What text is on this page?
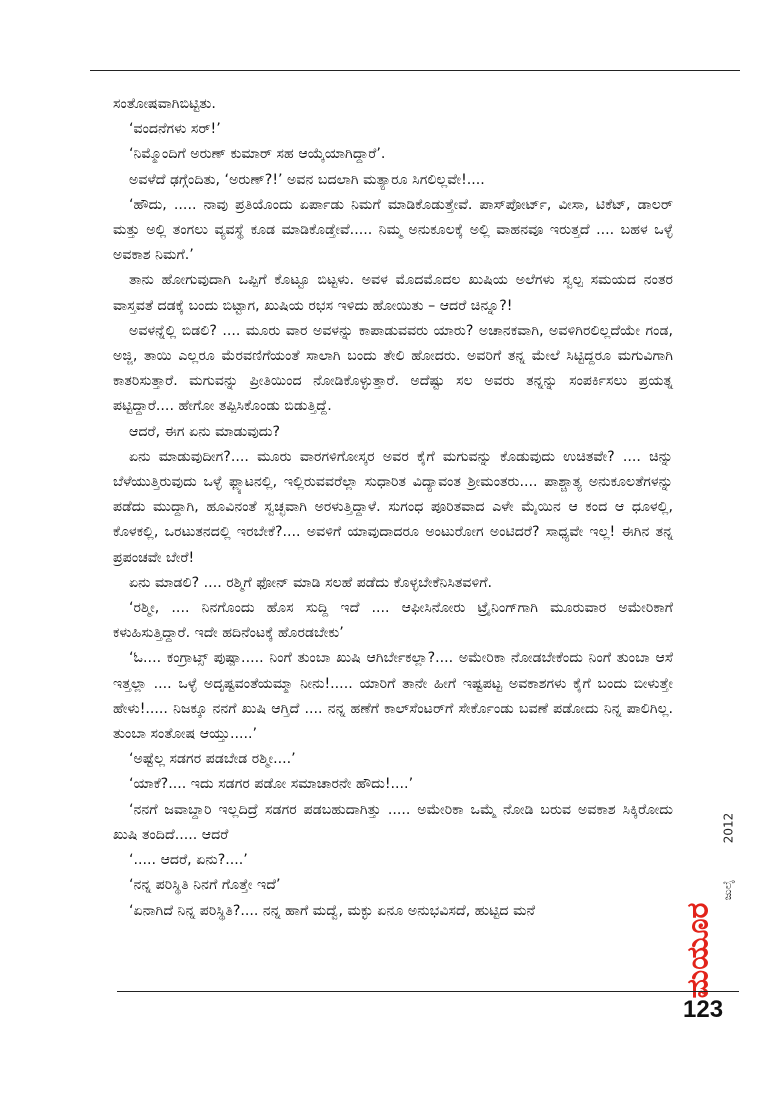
ಸಂತೋಷವಾಗಿಬಿಟ್ಟಿತು.

‘ವಂದನೆಗಳು ಸರ್!’

‘ನಿಮ್ಮೊಂದಿಗೆ ಅರುಣ್ ಕುಮಾರ್ ಸಹ ಆಯ್ಕೆಯಾಗಿದ್ದಾರೆ’.

ಅವಳೆದೆ ಢಗ್ಗೆಂದಿತು, ‘ಅರುಣ್?!’ ಅವನ ಬದಲಾಗಿ ಮತ್ಯಾರೂ ಸಿಗಲಿಲ್ಲವೇ!....

‘ಹೌದು, ..... ನಾವು ಪ್ರತಿಯೊಂದು ಏರ್ಪಾಡು ನಿಮಗೆ ಮಾಡಿಕೊಡುತ್ತೇವೆ. ಪಾಸ್‌ಪೋರ್ಟ್, ವೀಸಾ, ಟಿಕೆಟ್, ಡಾಲರ್ ಮತ್ತು ಅಲ್ಲಿ ತಂಗಲು ವ್ಯವಸ್ಥೆ ಕೂಡ ಮಾಡಿಕೊಡ್ತೇವೆ..... ನಿಮ್ಮ ಅನುಕೂಲಕ್ಕೆ ಅಲ್ಲಿ ವಾಹನವೂ ಇರುತ್ತದೆ .... ಬಹಳ ಒಳ್ಳೆ ಅವಕಾಶ ನಿಮಗೆ.’

ತಾನು ಹೋಗುವುದಾಗಿ ಒಪ್ಪಿಗೆ ಕೊಟ್ಟೂ ಬಿಟ್ಟಳು. ಅವಳ ಮೊದಮೊದಲ ಖುಷಿಯ ಅಲೆಗಳು ಸ್ವಲ್ಪ ಸಮಯದ ನಂತರ ವಾಸ್ತವತೆ ದಡಕ್ಕೆ ಬಂದು ಬಿಟ್ಟಾಗ, ಖುಷಿಯ ರಭಸ ಇಳಿದು ಹೋಯಿತು – ಆದರೆ ಚಿನ್ನೂ?!

ಅವಳನ್ನೆಲ್ಲಿ ಬಿಡಲಿ? .... ಮೂರು ವಾರ ಅವಳನ್ನು ಕಾಪಾಡುವವರು ಯಾರು? ಅಚಾನಕವಾಗಿ, ಅವಳಿಗಿರಲಿಲ್ಲದೆಯೇ ಗಂಡ, ಅಜ್ಜಿ, ತಾಯಿ ಎಲ್ಲರೂ ಮೆರವಣಿಗೆಯಂತೆ ಸಾಲಾಗಿ ಬಂದು ತೇಲಿ ಹೋದರು. ಅವರಿಗೆ ತನ್ನ ಮೇಲೆ ಸಿಟ್ಟಿದ್ದರೂ ಮಗುವಿಗಾಗಿ ಕಾತರಿಸುತ್ತಾರೆ. ಮಗುವನ್ನು ಪ್ರೀತಿಯಿಂದ ನೋಡಿಕೊಳ್ಳುತ್ತಾರೆ. ಅದೆಷ್ಟು ಸಲ ಅವರು ತನ್ನನ್ನು ಸಂಪರ್ಕಿಸಲು ಪ್ರಯತ್ನ ಪಟ್ಟಿದ್ದಾರೆ.... ಹೇಗೋ ತಪ್ಪಿಸಿಕೊಂಡು ಬಿಡುತ್ತಿದ್ದೆ.

ಆದರೆ, ಈಗ ಏನು ಮಾಡುವುದು?

ಏನು ಮಾಡುವುದೀಗ?.... ಮೂರು ವಾರಗಳಿಗೋಸ್ಕರ ಅವರ ಕೈಗೆ ಮಗುವನ್ನು ಕೊಡುವುದು ಉಚಿತವೇ? .... ಚಿನ್ನು ಬೆಳೆಯುತ್ತಿರುವುದು ಒಳ್ಳೆ ಫ್ಲ್ಯಾಟನಲ್ಲಿ, ಇಲ್ಲಿರುವವರೆಲ್ಲಾ ಸುಧಾರಿತ ವಿದ್ಯಾವಂತ ಶ್ರೀಮಂತರು.... ಪಾಶ್ಚಾತ್ಯ ಅನುಕೂಲತೆಗಳನ್ನು ಪಡೆದು ಮುದ್ದಾಗಿ, ಹೂವಿನಂತೆ ಸ್ವಚ್ಛವಾಗಿ ಅರಳುತ್ತಿದ್ದಾಳೆ. ಸುಗಂಧ ಪೂರಿತವಾದ ಎಳೇ ಮೈಯಿನ ಆ ಕಂದ ಆ ಧೂಳಲ್ಲಿ, ಕೊಳಕಲ್ಲಿ, ಒರಟುತನದಲ್ಲಿ ಇರಬೇಕೆ?.... ಅವಳಿಗೆ ಯಾವುದಾದರೂ ಅಂಟುರೋಗ ಅಂಟಿದರೆ? ಸಾಧ್ಯವೇ ಇಲ್ಲ! ಈಗಿನ ತನ್ನ ಪ್ರಪಂಚವೇ ಬೇರೆ!

ಏನು ಮಾಡಲಿ? .... ರಶ್ಮಿಗೆ ಫೋನ್ ಮಾಡಿ ಸಲಹೆ ಪಡೆದು ಕೊಳ್ಳಬೇಕೆನಿಸಿತವಳಿಗೆ.

‘ರಶ್ಮೀ, .... ನಿನಗೊಂದು ಹೊಸ ಸುದ್ದಿ ಇದೆ .... ಆಫೀಸಿನೋರು ಟ್ರೈನಿಂಗ್‌ಗಾಗಿ ಮೂರುವಾರ ಅಮೇರಿಕಾಗೆ ಕಳುಹಿಸುತ್ತಿದ್ದಾರೆ. ಇದೇ ಹದಿನೆಂಟಕ್ಕೆ ಹೊರಡಬೇಕು’

‘ಓ.... ಕಂಗ್ರಾಟ್ಸ್ ಪುಷ್ಪಾ..... ನಿಂಗೆ ತುಂಬಾ ಖುಷಿ ಆಗಿರ್ಬೇಕಲ್ಲಾ?.... ಅಮೇರಿಕಾ ನೋಡಬೇಕೆಂದು ನಿಂಗೆ ತುಂಬಾ ಆಸೆ ಇತ್ತಲ್ಲಾ .... ಒಳ್ಳೆ ಅದೃಷ್ಟವಂತೆಯಮ್ಮಾ ನೀನು!..... ಯಾರಿಗೆ ತಾನೇ ಹೀಗೆ ಇಷ್ಟಪಟ್ಟ ಅವಕಾಶಗಳು ಕೈಗೆ ಬಂದು ಬೀಳುತ್ತೇ ಹೇಳು!..... ನಿಜಕ್ಕೂ ನನಗೆ ಖುಷಿ ಆಗ್ತಿದೆ .... ನನ್ನ ಹಣೆಗೆ ಕಾಲ್‌ಸೆಂಟರ್‌ಗೆ ಸೇರ್ಕೊಂಡು ಬವಣೆ ಪಡೋದು ನಿನ್ನ ಪಾಲಿಗಿಲ್ಲ. ತುಂಬಾ ಸಂತೋಷ ಆಯ್ತು.....’

‘ಅಷ್ಟೆಲ್ಲ ಸಡಗರ ಪಡಬೇಡ ರಶ್ಮೀ....’

‘ಯಾಕೆ?.... ಇದು ಸಡಗರ ಪಡೋ ಸಮಾಚಾರನೇ ಹೌದು!....’

‘ನನಗೆ ಜವಾಬ್ದಾರಿ ಇಲ್ಲದಿದ್ರೆ ಸಡಗರ ಪಡಬಹುದಾಗಿತ್ತು ..... ಅಮೇರಿಕಾ ಒಮ್ಮೆ ನೋಡಿ ಬರುವ ಅವಕಾಶ ಸಿಕ್ಕಿರೋದು ಖುಷಿ ತಂದಿದೆ..... ಆದರೆ

‘..... ಆದರೆ, ಏನು?....’

‘ನನ್ನ ಪರಿಸ್ಥಿತಿ ನಿನಗೆ ಗೊತ್ತೇ ಇದೆ’

‘ಏನಾಗಿದೆ ನಿನ್ನ ಪರಿಸ್ಥಿತಿ?.... ನನ್ನ ಹಾಗೆ ಮದ್ವೆ, ಮಕ್ಳು ಏನೂ ಅನುಭವಿಸದೆ, ಹುಟ್ಟಿದ ಮನೆ

2012
ಜುಲೈ
ಮಯೂರ
123
